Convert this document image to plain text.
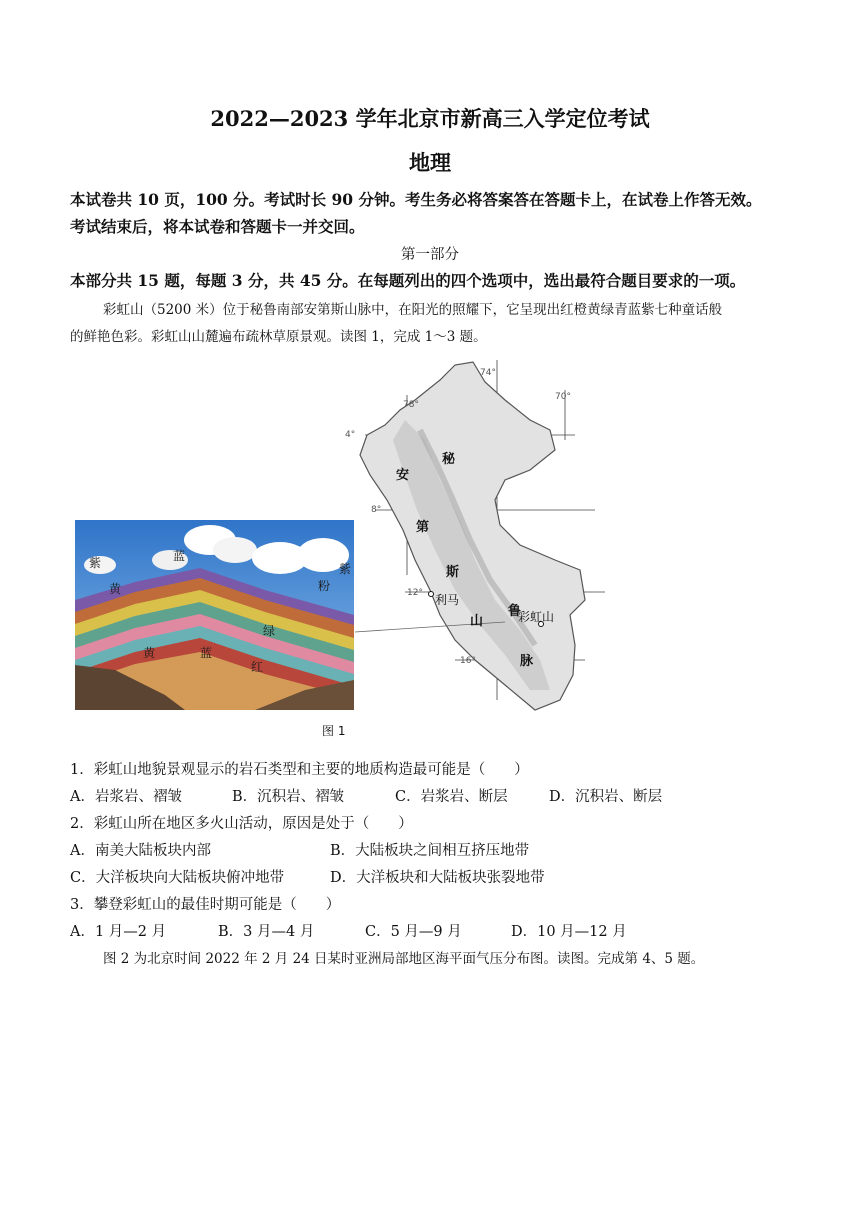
2022—2023 学年北京市新高三入学定位考试
地理
本试卷共 10 页，100 分。考试时长 90 分钟。考生务必将答案答在答题卡上，在试卷上作答无效。
考试结束后，将本试卷和答题卡一并交回。
第一部分
本部分共 15 题，每题 3 分，共 45 分。在每题列出的四个选项中，选出最符合题目要求的一项。
彩虹山（5200 米）位于秘鲁南部安第斯山脉中，在阳光的照耀下，它呈现出红橙黄绿青蓝紫七种童话般
的鲜艳色彩。彩虹山山麓遍布疏林草原景观。读图 1，完成 1～3 题。
74°
70°
78°
4°
8°
12°
16°
秘
安
第
斯
山
鲁
脉
利马
彩虹山
紫
黄
蓝
黄	蓝
绿
红
粉
紫
图 1
1．彩虹山地貌景观显示的岩石类型和主要的地质构造最可能是（　　）
A．岩浆岩、褶皱	B．沉积岩、褶皱	C．岩浆岩、断层	D．沉积岩、断层
2．彩虹山所在地区多火山活动，原因是处于（　　）
A．南美大陆板块内部	B．大陆板块之间相互挤压地带
C．大洋板块向大陆板块俯冲地带	D．大洋板块和大陆板块张裂地带
3．攀登彩虹山的最佳时期可能是（　　）
A．1 月—2 月	B．3 月—4 月	C．5 月—9 月	D．10 月—12 月
图 2 为北京时间 2022 年 2 月 24 日某时亚洲局部地区海平面气压分布图。读图。完成第 4、5 题。
